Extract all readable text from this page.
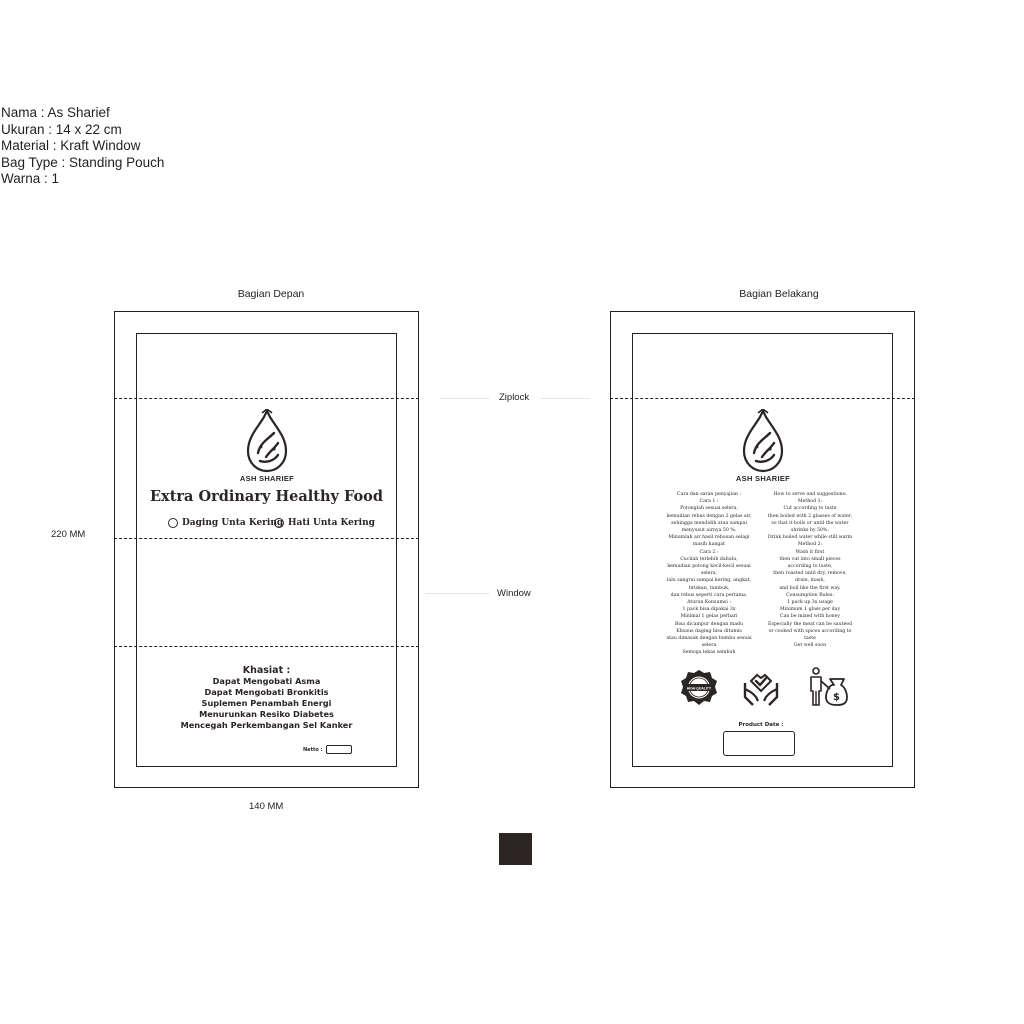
Nama : As Sharief
Ukuran : 14 x 22 cm
Material : Kraft Window
Bag Type : Standing Pouch
Warna : 1
Bagian Depan	Bagian Belakang
Ziplock
Window
220 MM
140 MM
ASH SHARIEF
Extra Ordinary Healthy Food
Daging Unta Kering Hati Unta Kering
Khasiat :
Dapat Mengobati Asma
Dapat Mengobati Bronkitis
Suplemen Penambah Energi
Menurunkan Resiko Diabetes
Mencegah Perkembangan Sel Kanker
Netto :
ASH SHARIEF
Cara dan saran penyajian :
Cara 1 :
Potonglah sesuai selera,
kemudian rebus dengan 2 gelas air,
sehingga mendidih atau sampai
menyusut airnya 50 %.
Minumlah air hasil rebusan selagi
masih hangat
Cara 2 :
Cucilah terlebih dahulu,
kemudian potong kecil-kecil sesuai
selera,
lalu sangrai sampai kering, angkat,
tiriskan, tumbuk,
dan rebus seperti cara pertama.
Aturan Konsumsi :
1 pack bisa dipakai 3x
Minimal 1 gelas perhari
Bisa dicampur dengan madu
Khusus daging bisa ditumis
atau dimasak dengan bumbu sesuai
selera
Semoga lekas sembuh
How to serve and suggestions:
Method 1:
Cut according to taste
then boiled with 2 glasses of water,
so that it boils or until the water
shrinks by 50%.
Drink boiled water while still warm
Method 2:
Wash it first
then cut into small pieces
according to taste,
then roasted until dry, remove,
drain, mash,
and boil like the first way.
Consumption Rules:
1 pack up 3x usage
Minimum 1 glass per day
Can be mixed with honey
Especially the meat can be sautéed
or cooked with spices according to
taste
Get well soon
HIGH QUALITY
$
Product Date :
